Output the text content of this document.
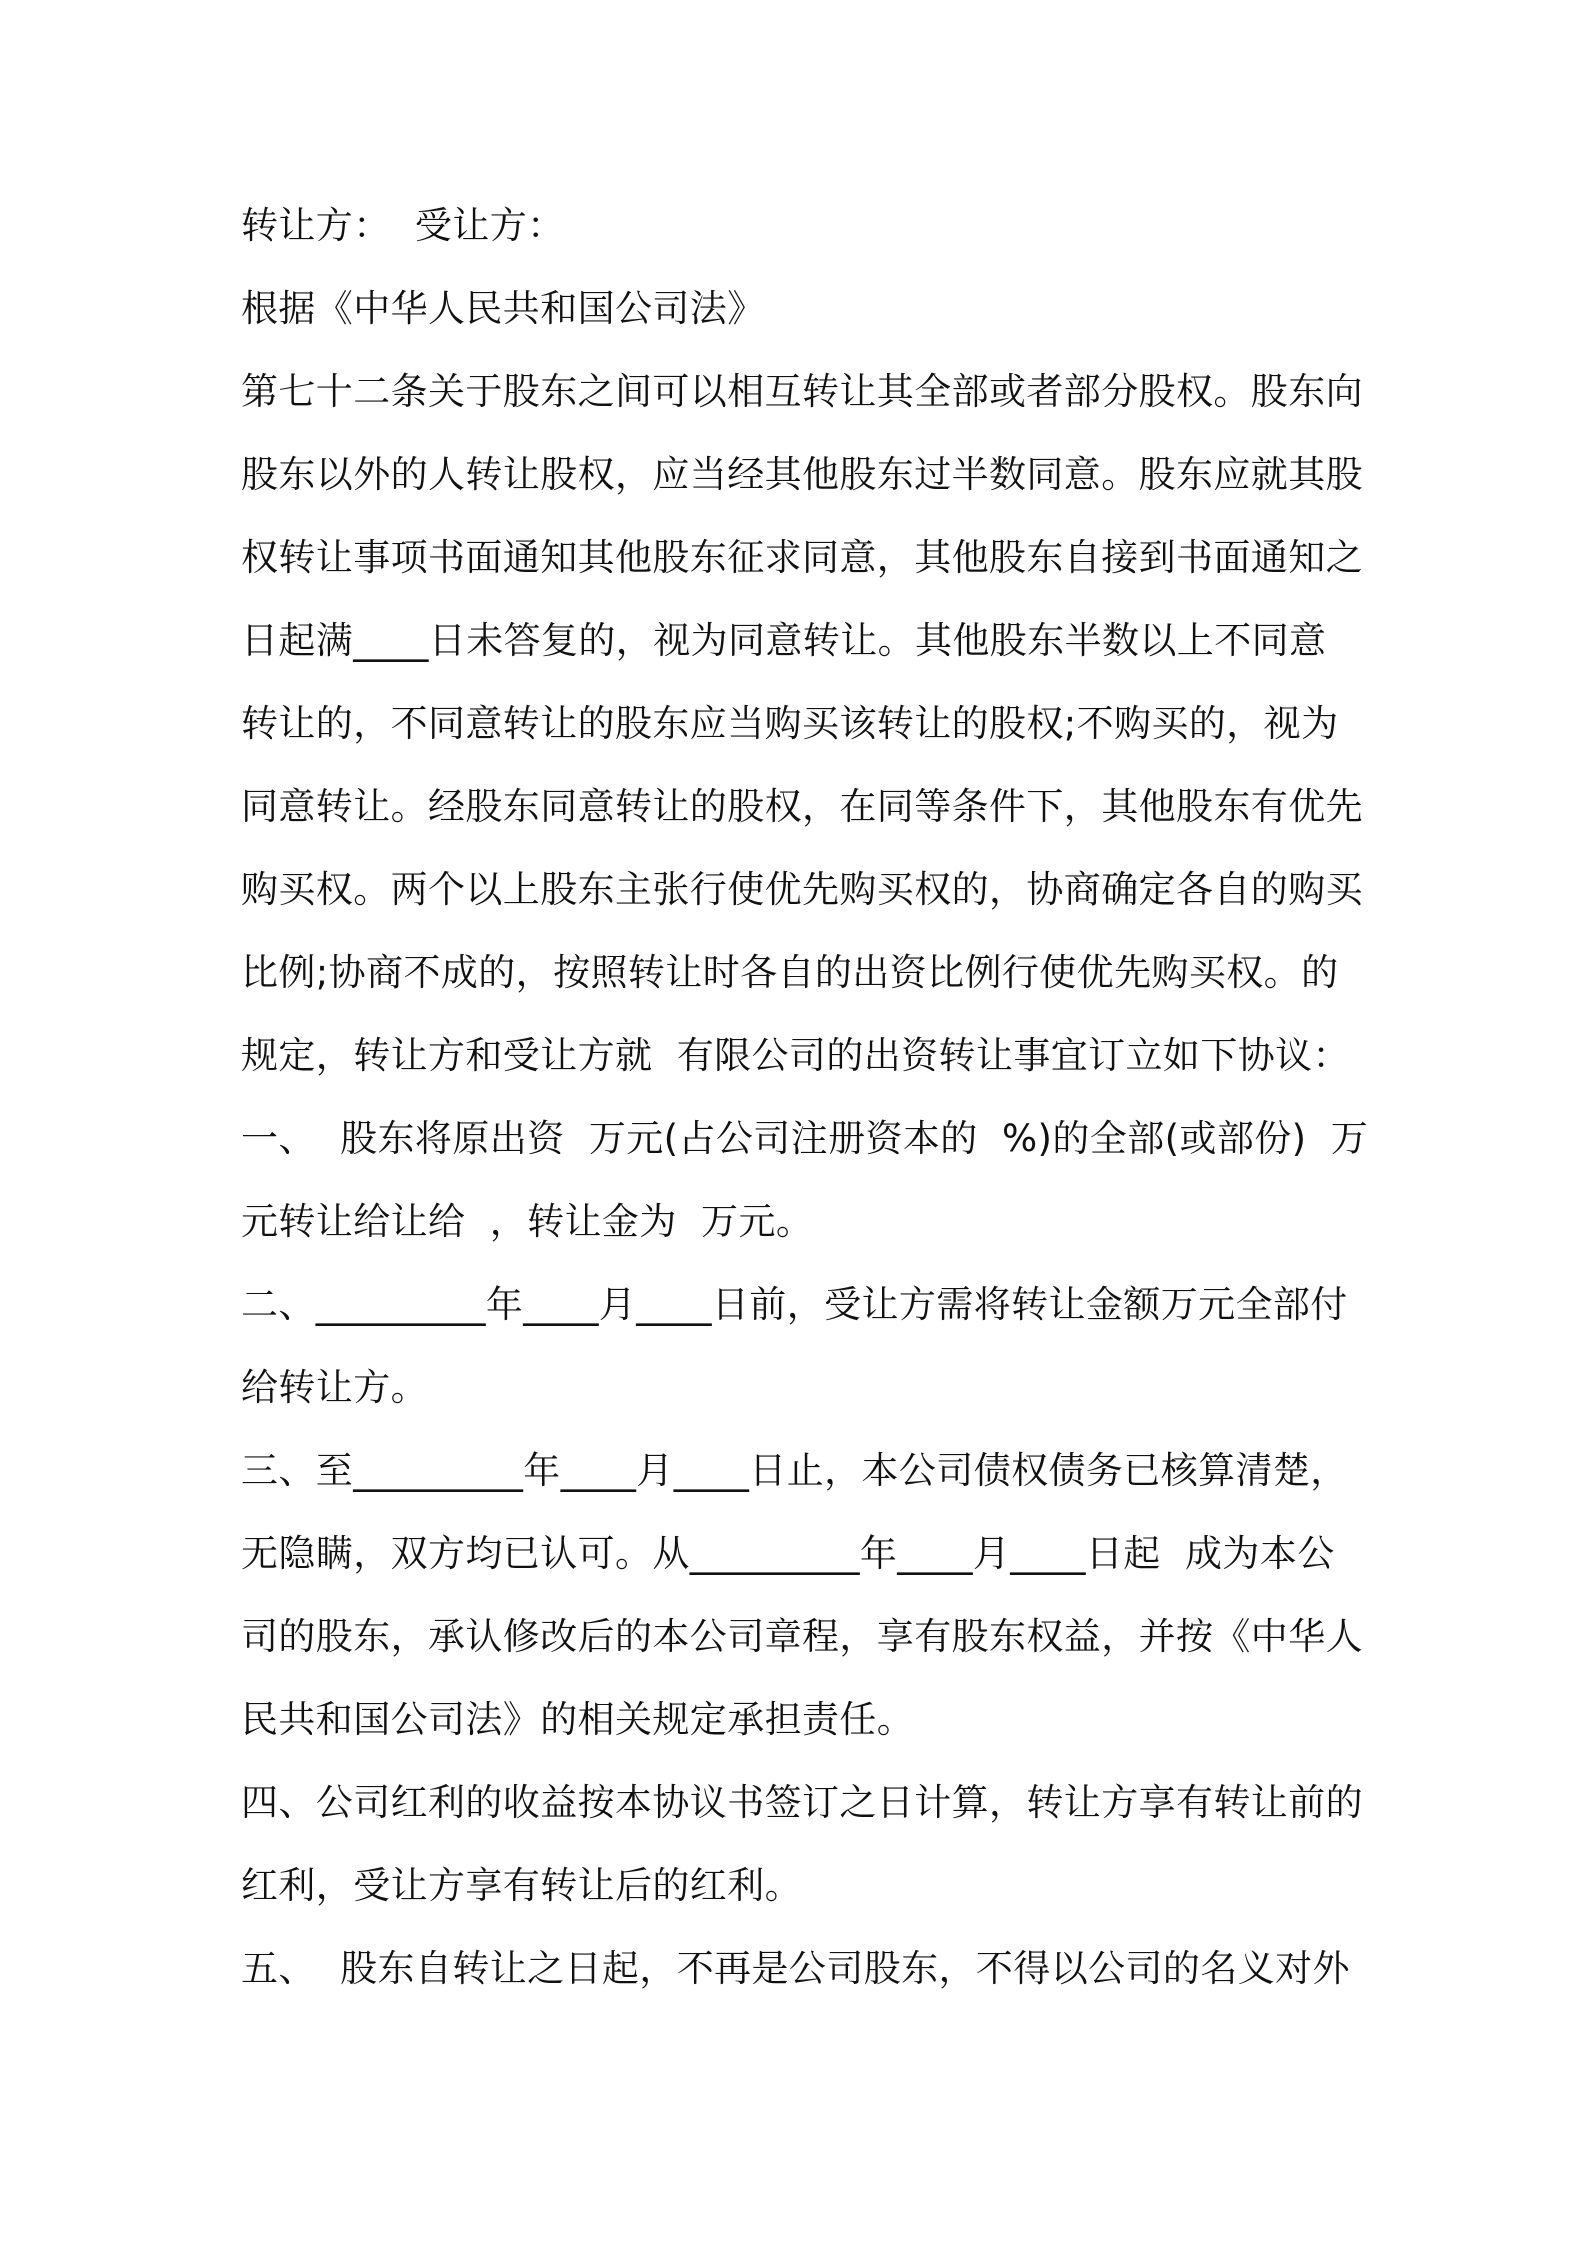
转让方：  受让方：
根据《中华人民共和国公司法》
第七十二条关于股东之间可以相互转让其全部或者部分股权。股东向
股东以外的人转让股权，应当经其他股东过半数同意。股东应就其股
权转让事项书面通知其他股东征求同意，其他股东自接到书面通知之
日起满____日未答复的，视为同意转让。其他股东半数以上不同意
转让的，不同意转让的股东应当购买该转让的股权;不购买的，视为
同意转让。经股东同意转让的股权，在同等条件下，其他股东有优先
购买权。两个以上股东主张行使优先购买权的，协商确定各自的购买
比例;协商不成的，按照转让时各自的出资比例行使优先购买权。的
规定，转让方和受让方就  有限公司的出资转让事宜订立如下协议：
一、  股东将原出资  万元(占公司注册资本的  %)的全部(或部份)  万
元转让给让给  ，转让金为  万元。
二、_________年____月____日前，受让方需将转让金额万元全部付
给转让方。
三、至_________年____月____日止，本公司债权债务已核算清楚，
无隐瞒，双方均已认可。从_________年____月____日起  成为本公
司的股东，承认修改后的本公司章程，享有股东权益，并按《中华人
民共和国公司法》的相关规定承担责任。
四、公司红利的收益按本协议书签订之日计算，转让方享有转让前的
红利，受让方享有转让后的红利。
五、  股东自转让之日起，不再是公司股东，不得以公司的名义对外
